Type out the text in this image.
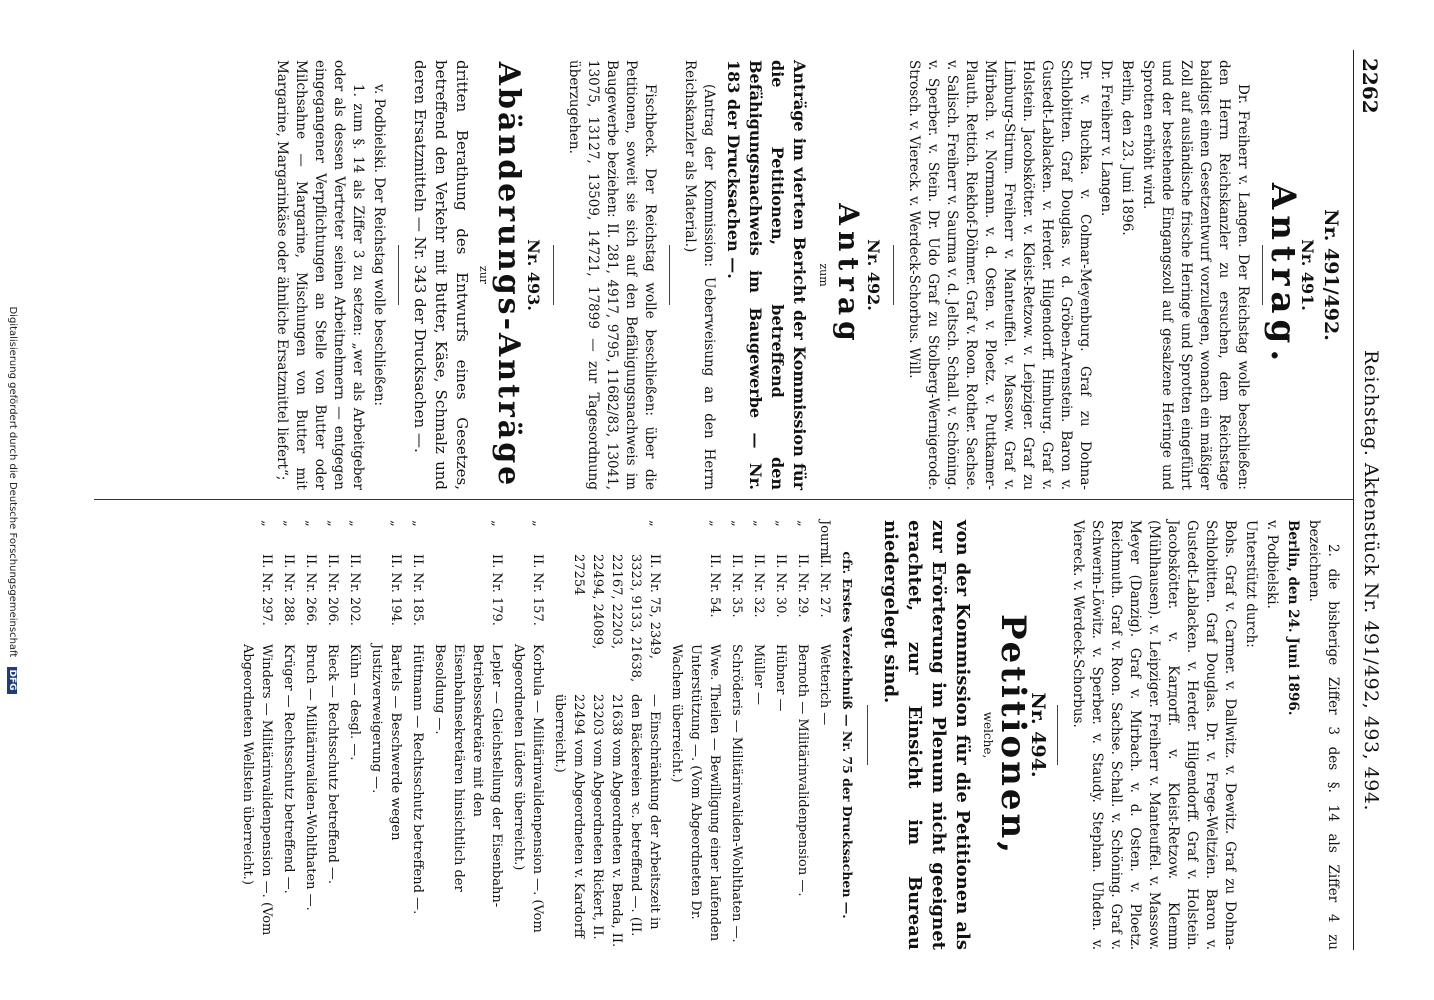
2262
Reichstag. Aktenstück Nr. 491/492, 493, 494.
Nr. 491/492.
Nr. 491.
Antrag.

Dr. Freiherr v. Langen. Der Reichstag wolle beschließen: den Herrn Reichskanzler zu ersuchen, dem Reichstage baldigst einen Gesetzentwurf vorzulegen, wonach ein mäßiger Zoll auf ausländische frische Heringe und Sprotten eingeführt und der bestehende Eingangszoll auf gesalzene Heringe und Sprotten erhöht wird.

Berlin, den 23. Juni 1896.

Dr. Freiherr v. Langen.

Dr. v. Buchka. v. Colmar-Meyenburg. Graf zu Dohna-Schlobitten. Graf Douglas. v. d. Gröben-Arenstein. Baron v. Gustedt-Lablacken. v. Herder. Hilgendorff. Himburg. Graf v. Holstein. Jacobskötter. v. Kleist-Retzow. v. Leipziger. Graf zu Limburg-Stirum. Freiherr v. Manteuffel. v. Massow. Graf v. Mirbach. v. Normann. v. d. Osten. v. Ploetz. v. Puttkamer-Plauth. Rettich. Riekhof-Döhmer. Graf v. Roon. Rother. Sachse. v. Salisch. Freiherr v. Saurma v. d. Jeltsch. Schall. v. Schöning. v. Sperber. v. Stein. Dr. Udo Graf zu Stolberg-Wernigerode. Strosch. v. Viereck. v. Werdeck-Schorbus. Will.

Nr. 492.
Antrag
zum

Anträge im vierten Bericht der Kommission für die Petitionen, betreffend den Befähigungsnachweis im Baugewerbe — Nr. 183 der Drucksachen —.

(Antrag der Kommission: Ueberweisung an den Herrn Reichskanzler als Material.)

Fischbeck. Der Reichstag wolle beschließen: über die Petitionen, soweit sie sich auf den Befähigungsnachweis im Baugewerbe beziehen: II. 281, 4917, 9795, 11682/83, 13041, 13075, 13127, 13509, 14721, 17899 — zur Tagesordnung überzugehen.

Nr. 493.
Abänderungs-Anträge
zur

dritten Berathung des Entwurfs eines Gesetzes, betreffend den Verkehr mit Butter, Käse, Schmalz und deren Ersatzmitteln — Nr. 343 der Drucksachen —.

v. Podbielski. Der Reichstag wolle beschließen:

1. zum §. 14 als Ziffer 3 zu setzen: „wer als Arbeitgeber oder als dessen Vertreter seinen Arbeitnehmern — entgegen eingegangener Verpflichtungen an Stelle von Butter oder Milchsahne — Margarine, Mischungen von Butter mit Margarine, Margarinkäse oder ähnliche Ersatzmittel liefert“;

2. die bisherige Ziffer 3 des §. 14 als Ziffer 4 zu bezeichnen.

Berlin, den 24. Juni 1896.

v. Podbielski.

Unterstützt durch:

Bohs. Graf v. Carmer. v. Dallwitz. v. Dewitz. Graf zu Dohna-Schlobitten. Graf Douglas. Dr. v. Frege-Weltzien. Baron v. Gustedt-Lablacken. v. Herder. Hilgendorff. Graf v. Holstein. Jacobskötter. v. Karдorff. v. Kleist-Retzow. Klemm (Mühlhausen). v. Leipziger. Freiherr v. Manteuffel. v. Massow. Meyer (Danzig). Graf v. Mirbach. v. d. Osten. v. Ploetz. Reichmuth. Graf v. Roon. Sachse. Schall. v. Schöning. Graf v. Schwerin-Löwitz. v. Sperber. v. Staudy. Stephan. Uhden. v. Viereck. v. Werdeck-Schorbus.

Nr. 494.
Petitionen,
welche,

von der Kommission für die Petitionen als zur Erörterung im Plenum nicht geeignet erachtet, zur Einsicht im Bureau niedergelegt sind.

cfr. Erstes Verzeichniß — Nr. 75 der Drucksachen —.
Journ.
II. Nr. 27.
Wetterich —
„
II. Nr. 29.
Bernoth — Militärinvalidenpension —.
„
II. Nr. 30.
Hübner —
„
II. Nr. 32.
Müller —
„
II. Nr. 35.
Schröderis — Militärinvaliden-Wohlthaten —.
„
II. Nr. 54.
Wwe. Theilen — Bewilligung einer laufenden Unterstützung —. (Vom Abgeordneten Dr. Wachem überreicht.)
„
II. Nr. 75, 2349, 3323, 9133, 21638, 22167, 22203, 22494, 24089, 27254
— Einschränkung der Arbeitszeit in den Bäckereien ꝛc. betreffend —. (II. 21638 vom Abgeordneten v. Benda, II. 23203 vom Abgeordneten Rickert, II. 22494 vom Abgeordneten v. Kardorff überreicht.)
„
II. Nr. 157.
Korbula — Militärinvalidenpension —. (Vom Abgeordneten Lüders überreicht.)
„
II. Nr. 179.
Lepler — Gleichstellung der Eisenbahn-Betriebssekretäre mit den Eisenbahnsekretären hinsichtlich der Besoldung —.
„
II. Nr. 185.
Hüttmann — Rechtsschutz betreffend —.
„
II. Nr. 194.
Bartels — Beschwerde wegen Justizverweigerung —.
„
II. Nr. 202.
Kühn — desgl. —.
„
II. Nr. 206.
Rieck — Rechtsschutz betreffend —.
„
II. Nr. 266.
Bruch — Militärinvaliden-Wohlthaten —.
„
II. Nr. 288.
Krüger — Rechtsschutz betreffend —.
„
II. Nr. 297.
Winders — Militärinvalidenpension —. (Vom Abgeordneten Wellstein überreicht.)
Digitalisierung gefördert durch die Deutsche Forschungsgemeinschaft DFG
